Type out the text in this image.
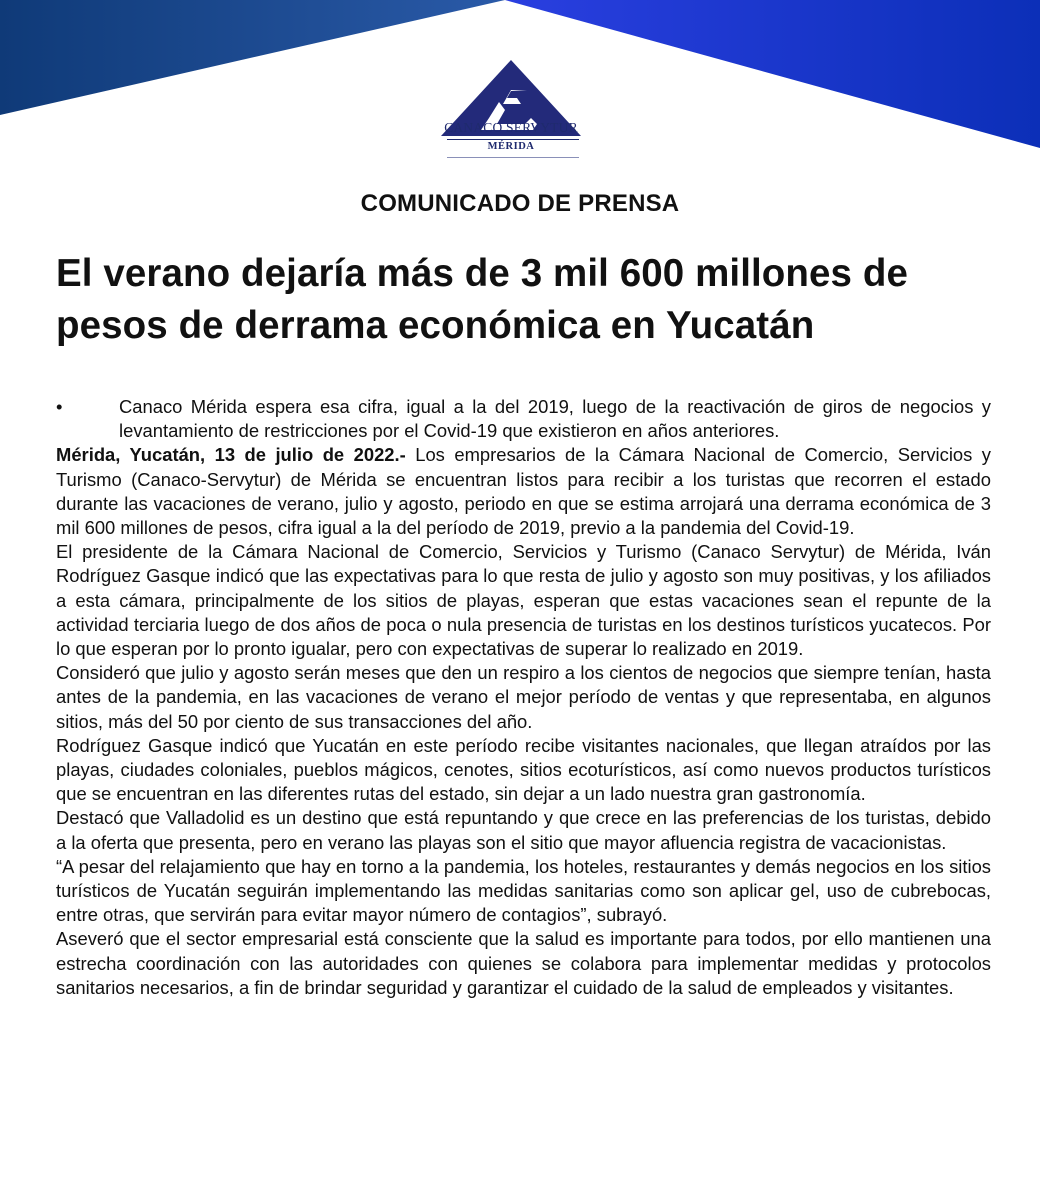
CANACO SERVYTUR
MÉRIDA
COMUNICADO DE PRENSA
El verano dejaría más de 3 mil 600 millones de pesos de derrama económica en Yucatán
•	Canaco Mérida espera esa cifra, igual a la del 2019, luego de la reactivación de giros de negocios y levantamiento de restricciones por el Covid-19 que existieron en años anteriores.

Mérida, Yucatán, 13 de julio de 2022.- Los empresarios de la Cámara Nacional de Comercio, Servicios y Turismo (Canaco-Servytur) de Mérida se encuentran listos para recibir a los turistas que recorren el estado durante las vacaciones de verano, julio y agosto, periodo en que se estima arrojará una derrama económica de 3 mil 600 millones de pesos, cifra igual a la del período de 2019, previo a la pandemia del Covid-19.

El presidente de la Cámara Nacional de Comercio, Servicios y Turismo (Canaco Servytur) de Mérida, Iván Rodríguez Gasque indicó que las expectativas para lo que resta de julio y agosto son muy positivas, y los afiliados a esta cámara, principalmente de los sitios de playas, esperan que estas vacaciones sean el repunte de la actividad terciaria luego de dos años de poca o nula presencia de turistas en los destinos turísticos yucatecos. Por lo que esperan por lo pronto igualar, pero con expectativas de superar lo realizado en 2019.

Consideró que julio y agosto serán meses que den un respiro a los cientos de negocios que siempre tenían, hasta antes de la pandemia, en las vacaciones de verano el mejor período de ventas y que representaba, en algunos sitios, más del 50 por ciento de sus transacciones del año.

Rodríguez Gasque indicó que Yucatán en este período recibe visitantes nacionales, que llegan atraídos por las playas, ciudades coloniales, pueblos mágicos, cenotes, sitios ecoturísticos, así como nuevos productos turísticos que se encuentran en las diferentes rutas del estado, sin dejar a un lado nuestra gran gastronomía.

Destacó que Valladolid es un destino que está repuntando y que crece en las preferencias de los turistas, debido a la oferta que presenta, pero en verano las playas son el sitio que mayor afluencia registra de vacacionistas.

“A pesar del relajamiento que hay en torno a la pandemia, los hoteles, restaurantes y demás negocios en los sitios turísticos de Yucatán seguirán implementando las medidas sanitarias como son aplicar gel, uso de cubrebocas, entre otras, que servirán para evitar mayor número de contagios”, subrayó.

Aseveró que el sector empresarial está consciente que la salud es importante para todos, por ello mantienen una estrecha coordinación con las autoridades con quienes se colabora para implementar medidas y protocolos sanitarios necesarios, a fin de brindar seguridad y garantizar el cuidado de la salud de empleados y visitantes.
